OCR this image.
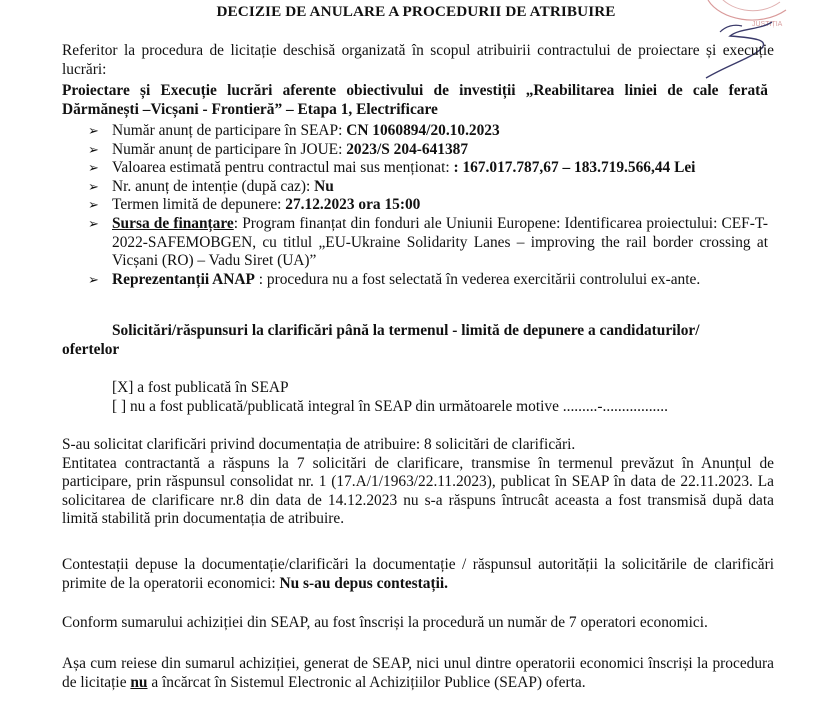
DECIZIE DE ANULARE A PROCEDURII DE ATRIBUIRE
JUSTIȚIA

Referitor la procedura de licitație deschisă organizată în scopul atribuirii contractului de proiectare și execuție lucrări:

Proiectare și Execuție lucrări aferente obiectivului de investiții „Reabilitarea liniei de cale ferată Dărmănești –Vicșani - Frontieră” – Etapa 1, Electrificare
➢ Număr anunț de participare în SEAP: CN 1060894/20.10.2023
➢ Număr anunț de participare în JOUE: 2023/S 204-641387
➢ Valoarea estimată pentru contractul mai sus menționat: : 167.017.787,67 – 183.719.566,44 Lei
➢ Nr. anunț de intenție (după caz): Nu
➢ Termen limită de depunere: 27.12.2023 ora 15:00
➢ Sursa de finanțare: Program finanțat din fonduri ale Uniunii Europene: Identificarea proiectului: CEF-T-2022-SAFEMOBGEN, cu titlul „EU-Ukraine Solidarity Lanes – improving the rail border crossing at Vicșani (RO) – Vadu Siret (UA)”
➢ Reprezentanții ANAP : procedura nu a fost selectată în vederea exercitării controlului ex-ante.
Solicitări/răspunsuri la clarificări până la termenul - limită de depunere a candidaturilor/
ofertelor
[X] a fost publicată în SEAP
[ ] nu a fost publicată/publicată integral în SEAP din următoarele motive .........-.................

S-au solicitat clarificări privind documentația de atribuire: 8 solicitări de clarificări.

Entitatea contractantă a răspuns la 7 solicitări de clarificare, transmise în termenul prevăzut în Anunțul de participare, prin răspunsul consolidat nr. 1 (17.A/1/1963/22.11.2023), publicat în SEAP în data de 22.11.2023. La solicitarea de clarificare nr.8 din data de 14.12.2023 nu s-a răspuns întrucât aceasta a fost transmisă după data limită stabilită prin documentația de atribuire.

Contestații depuse la documentație/clarificări la documentație / răspunsul autorității la solicitările de clarificări primite de la operatorii economici: Nu s-au depus contestații.
Conform sumarului achiziției din SEAP, au fost înscriși la procedură un număr de 7 operatori economici.
Așa cum reiese din sumarul achiziției, generat de SEAP, nici unul dintre operatorii economici înscriși la procedura de licitație nu a încărcat în Sistemul Electronic al Achizițiilor Publice (SEAP) oferta.
